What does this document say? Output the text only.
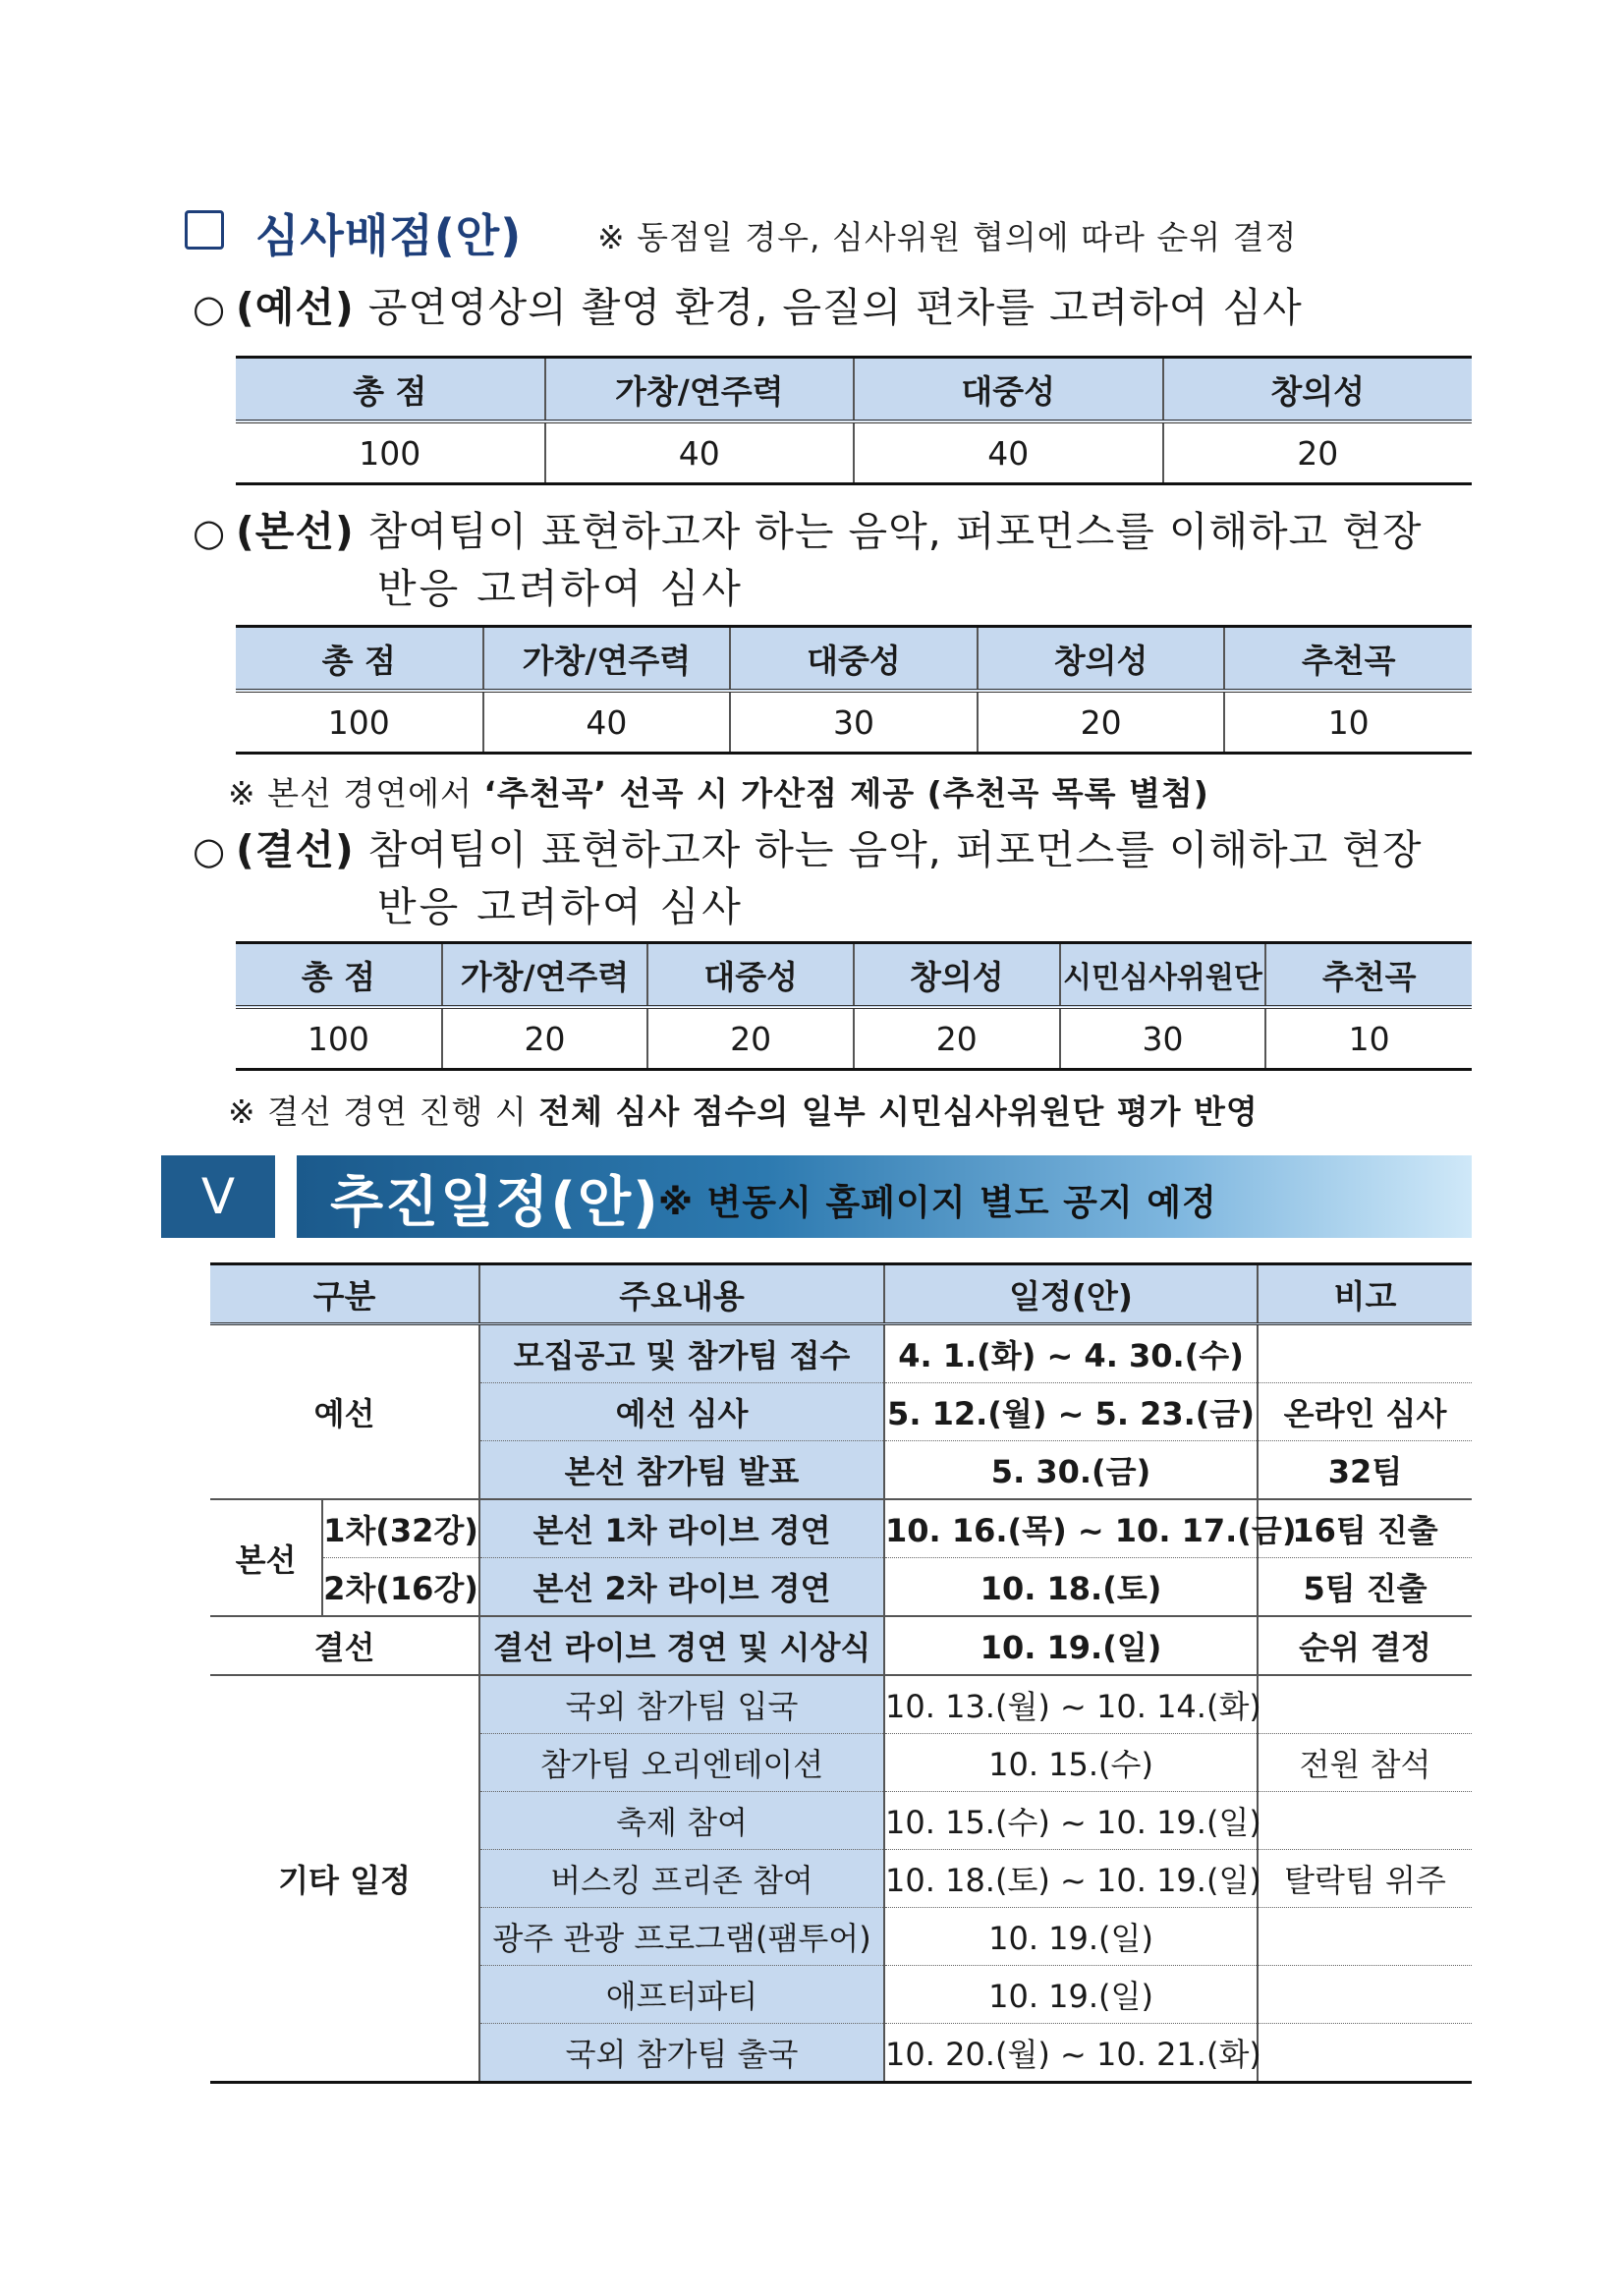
심사배점(안) ※ 동점일 경우, 심사위원 협의에 따라 순위 결정
○ (예선) 공연영상의 촬영 환경, 음질의 편차를 고려하여 심사
총 점	가창/연주력	대중성	창의성
100	40	40	20
○ (본선) 참여팀이 표현하고자 하는 음악, 퍼포먼스를 이해하고 현장
반응 고려하여 심사
총 점	가창/연주력	대중성	창의성	추천곡
100	40	30	20	10
※ 본선 경연에서 ‘추천곡’ 선곡 시 가산점 제공 (추천곡 목록 별첨)
○ (결선) 참여팀이 표현하고자 하는 음악, 퍼포먼스를 이해하고 현장
반응 고려하여 심사
총 점	가창/연주력	대중성	창의성	시민심사위원단	추천곡
100	20	20	20	30	10
※ 결선 경연 진행 시 전체 심사 점수의 일부 시민심사위원단 평가 반영
V	추진일정(안)
※ 변동시 홈페이지 별도 공지 예정
구분		주요내용	일정(안)	비고
예선		모집공고 및 참가팀 접수	4. 1.(화) ~ 4. 30.(수)	
		예선 심사	5. 12.(월) ~ 5. 23.(금)	온라인 심사
		본선 참가팀 발표	5. 30.(금)	32팀
본선	1차(32강)	본선 1차 라이브 경연	10. 16.(목) ~ 10. 17.(금)	16팀 진출
	2차(16강)	본선 2차 라이브 경연	10. 18.(토)	5팀 진출
결선		결선 라이브 경연 및 시상식	10. 19.(일)	순위 결정
기타 일정		국외 참가팀 입국	10. 13.(월) ~ 10. 14.(화)	
		참가팀 오리엔테이션	10. 15.(수)	전원 참석
		축제 참여	10. 15.(수) ~ 10. 19.(일)	
		버스킹 프리존 참여	10. 18.(토) ~ 10. 19.(일)	탈락팀 위주
		광주 관광 프로그램(팸투어)	10. 19.(일)	
		애프터파티	10. 19.(일)	
		국외 참가팀 출국	10. 20.(월) ~ 10. 21.(화)	
